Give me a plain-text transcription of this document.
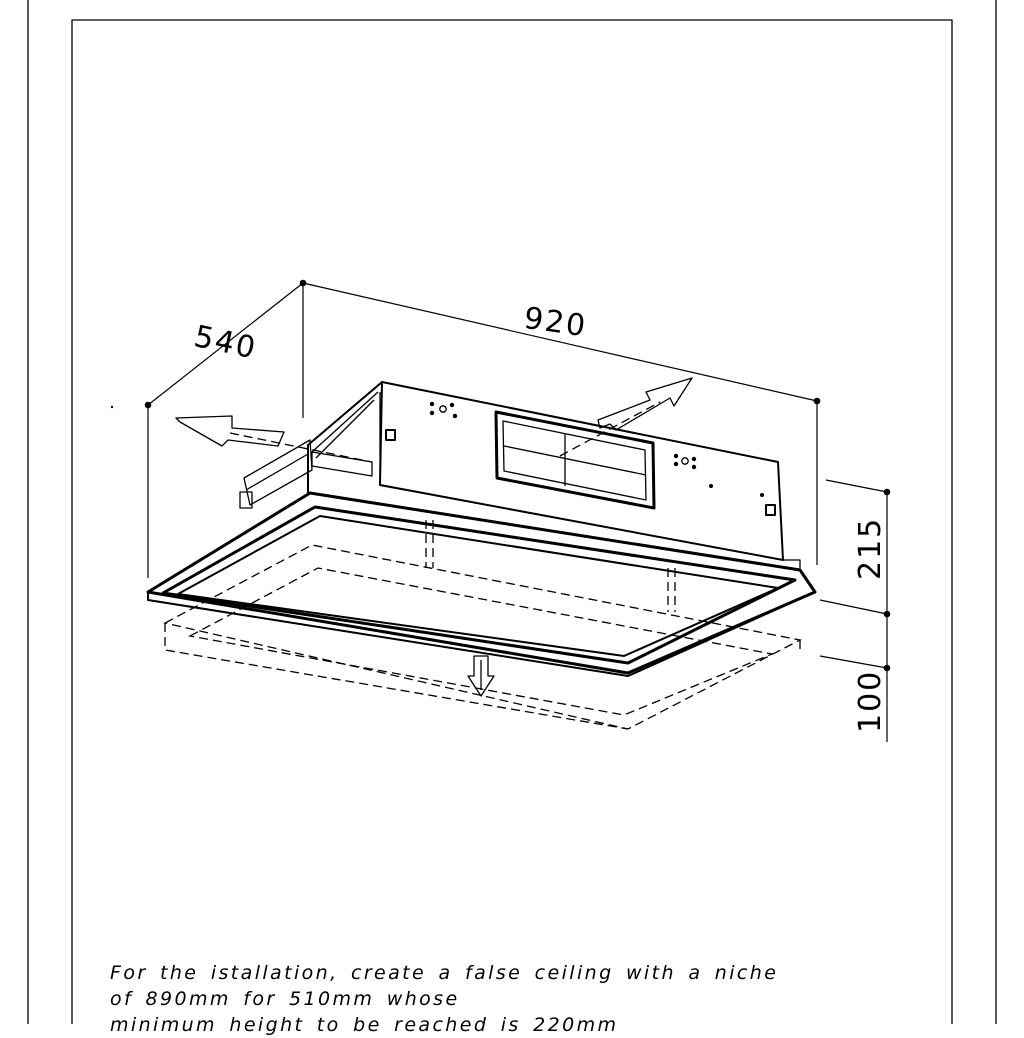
920
540
215
100
For the istallation, create a false ceiling with a niche
of 890mm for 510mm whose
minimum height to be reached is 220mm
